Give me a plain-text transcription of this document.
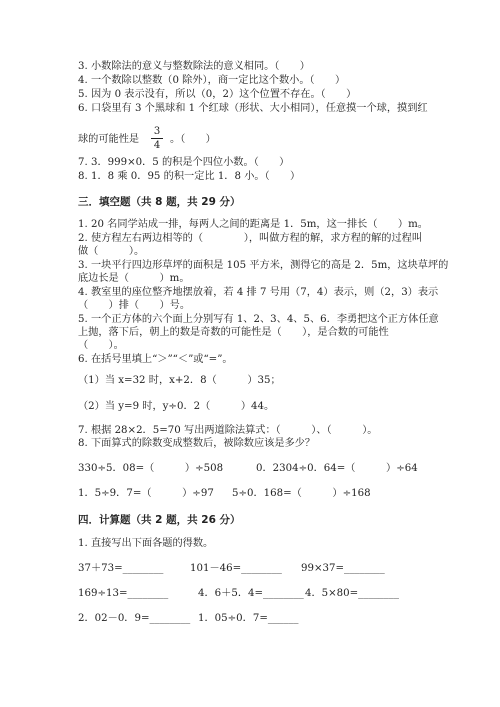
3. 小数除法的意义与整数除法的意义相同。（　　）
4. 一个数除以整数（0 除外），商一定比这个数小。（　　）
5. 因为 0 表示没有，所以（0，2）这个位置不存在。（　　）
6. 口袋里有 3 个黑球和 1 个红球（形状、大小相同），任意摸一个球，摸到红
球的可能性是
3
4
。（　　）
7. 3．999×0．5 的积是个四位小数。（　　）
8. 1．8 乘 0．95 的积一定比 1．8 小。（　　）
三．填空题（共 8 题，共 29 分）
1. 20 名同学站成一排，每两人之间的距离是 1．5m，这一排长（　　）m。
2. 使方程左右两边相等的（　　　　），叫做方程的解，求方程的解的过程叫
做（　　　）。
3. 一块平行四边形草坪的面积是 105 平方米，测得它的高是 2．5m，这块草坪的
底边长是（　　　）m。
4. 教室里的座位整齐地摆放着，若 4 排 7 号用（7，4）表示，则（2，3）表示
（　　）排（　　）号。
5. 一个正方体的六个面上分别写有 1、2、3、4、5、6．李勇把这个正方体任意
上抛，落下后，朝上的数是奇数的可能性是（　　），是合数的可能性
（　　）。
6. 在括号里填上“＞”“＜”或“=”。
（1）当 x=32 时，x+2．8（　　　）35；
（2）当 y=9 时，y÷0．2（　　　）44。
7. 根据 28×2．5=70 写出两道除法算式：（　　　）、（　　　）。
8. 下面算式的除数变成整数后，被除数应该是多少？
330÷5．08=（　　　）÷508	0．2304÷0．64=（　　　）÷64
1．5÷9．7=（　　　）÷97 5÷0．168=（　　　）÷168
四．计算题（共 2 题，共 26 分）
1. 直接写出下面各题的得数。
37＋73=________	101－46=________ 99×37=________
169÷13=________	4．6＋5．4=________ 4．5×80=________
2．02－0．9=________ 1．05÷0．7=______
